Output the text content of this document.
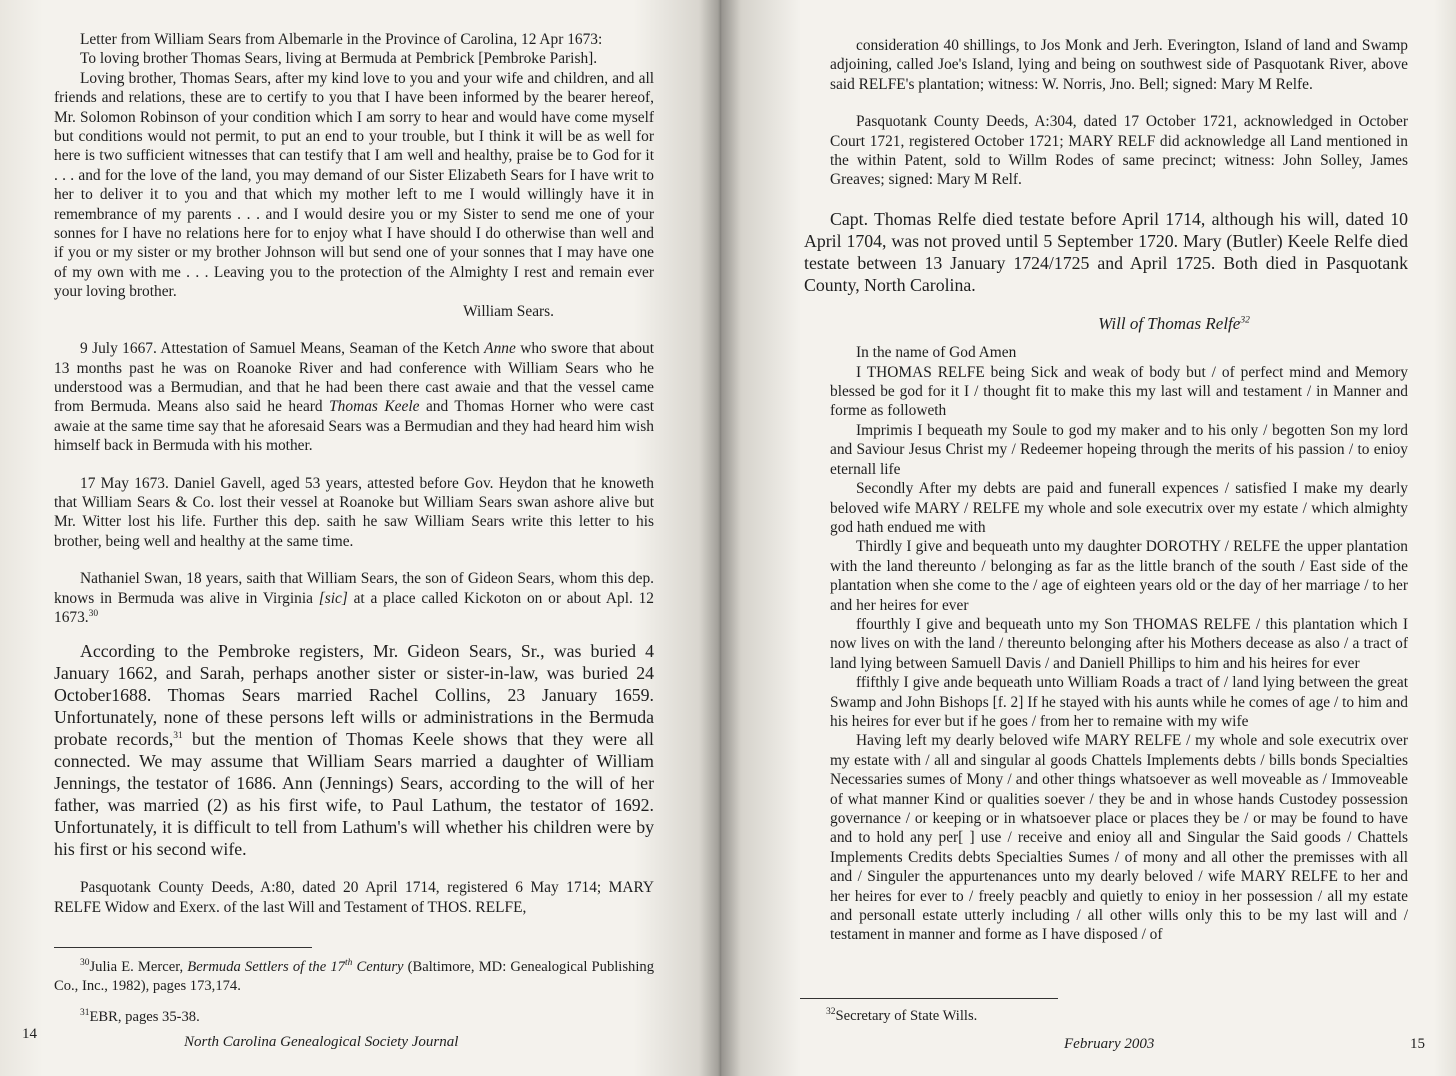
Letter from William Sears from Albemarle in the Province of Carolina, 12 Apr 1673:

To loving brother Thomas Sears, living at Bermuda at Pembrick [Pembroke Parish].

Loving brother, Thomas Sears, after my kind love to you and your wife and children, and all friends and relations, these are to certify to you that I have been informed by the bearer hereof, Mr. Solomon Robinson of your condition which I am sorry to hear and would have come myself but conditions would not permit, to put an end to your trouble, but I think it will be as well for here is two sufficient witnesses that can testify that I am well and healthy, praise be to God for it . . . and for the love of the land, you may demand of our Sister Elizabeth Sears for I have writ to her to deliver it to you and that which my mother left to me I would willingly have it in remembrance of my parents . . . and I would desire you or my Sister to send me one of your sonnes for I have no relations here for to enjoy what I have should I do otherwise than well and if you or my sister or my brother Johnson will but send one of your sonnes that I may have one of my own with me . . . Leaving you to the protection of the Almighty I rest and remain ever your loving brother.

William Sears.

9 July 1667. Attestation of Samuel Means, Seaman of the Ketch Anne who swore that about 13 months past he was on Roanoke River and had conference with William Sears who he understood was a Bermudian, and that he had been there cast awaie and that the vessel came from Bermuda. Means also said he heard Thomas Keele and Thomas Horner who were cast awaie at the same time say that he aforesaid Sears was a Bermudian and they had heard him wish himself back in Bermuda with his mother.

17 May 1673. Daniel Gavell, aged 53 years, attested before Gov. Heydon that he knoweth that William Sears & Co. lost their vessel at Roanoke but William Sears swan ashore alive but Mr. Witter lost his life. Further this dep. saith he saw William Sears write this letter to his brother, being well and healthy at the same time.

Nathaniel Swan, 18 years, saith that William Sears, the son of Gideon Sears, whom this dep. knows in Bermuda was alive in Virginia [sic] at a place called Kickoton on or about Apl. 12 1673.30

According to the Pembroke registers, Mr. Gideon Sears, Sr., was buried 4 January 1662, and Sarah, perhaps another sister or sister-in-law, was buried 24 October1688. Thomas Sears married Rachel Collins, 23 January 1659. Unfortunately, none of these persons left wills or administrations in the Bermuda probate records,$^{31}$ but the mention of Thomas Keele shows that they were all connected. We may assume that William Sears married a daughter of William Jennings, the testator of 1686. Ann (Jennings) Sears, according to the will of her father, was married (2) as his first wife, to Paul Lathum, the testator of 1692. Unfortunately, it is difficult to tell from Lathum's will whether his children were by his first or his second wife.

Pasquotank County Deeds, A:80, dated 20 April 1714, registered 6 May 1714; MARY RELFE Widow and Exerx. of the last Will and Testament of THOS. RELFE,

$^{30}$Julia E. Mercer, Bermuda Settlers of the 17th Century (Baltimore, MD: Genealogical Publishing Co., Inc., 1982), pages 173,174.

$^{31}$EBR, pages 35-38.

14	North Carolina Genealogical Society Journal

consideration 40 shillings, to Jos Monk and Jerh. Everington, Island of land and Swamp adjoining, called Joe's Island, lying and being on southwest side of Pasquotank River, above said RELFE's plantation; witness: W. Norris, Jno. Bell; signed: Mary M Relfe.

Pasquotank County Deeds, A:304, dated 17 October 1721, acknowledged in October Court 1721, registered October 1721; MARY RELF did acknowledge all Land mentioned in the within Patent, sold to Willm Rodes of same precinct; witness: John Solley, James Greaves; signed: Mary M Relf.

Capt. Thomas Relfe died testate before April 1714, although his will, dated 10 April 1704, was not proved until 5 September 1720. Mary (Butler) Keele Relfe died testate between 13 January 1724/1725 and April 1725. Both died in Pasquotank County, North Carolina.

Will of Thomas Relfe$^{32}$

In the name of God Amen

I THOMAS RELFE being Sick and weak of body but / of perfect mind and Memory blessed be god for it I / thought fit to make this my last will and testament / in Manner and forme as followeth

Imprimis I bequeath my Soule to god my maker and to his only / begotten Son my lord and Saviour Jesus Christ my / Redeemer hopeing through the merits of his passion / to enioy eternall life

Secondly After my debts are paid and funerall expences / satisfied I make my dearly beloved wife MARY / RELFE my whole and sole executrix over my estate / which almighty god hath endued me with

Thirdly I give and bequeath unto my daughter DOROTHY / RELFE the upper plantation with the land thereunto / belonging as far as the little branch of the south / East side of the plantation when she come to the / age of eighteen years old or the day of her marriage / to her and her heires for ever

ffourthly I give and bequeath unto my Son THOMAS RELFE / this plantation which I now lives on with the land / thereunto belonging after his Mothers decease as also / a tract of land lying between Samuell Davis / and Daniell Phillips to him and his heires for ever

ffifthly I give ande bequeath unto William Roads a tract of / land lying between the great Swamp and John Bishops [f. 2] If he stayed with his aunts while he comes of age / to him and his heires for ever but if he goes / from her to remaine with my wife

Having left my dearly beloved wife MARY RELFE / my whole and sole executrix over my estate with / all and singular al goods Chattels Implements debts / bills bonds Specialties Necessaries sumes of Mony / and other things whatsoever as well moveable as / Immoveable of what manner Kind or qualities soever / they be and in whose hands Custodey possession governance / or keeping or in whatsoever place or places they be / or may be found to have and to hold any per[ ] use / receive and enioy all and Singular the Said goods / Chattels Implements Credits debts Specialties Sumes / of mony and all other the premisses with all and / Singuler the appurtenances unto my dearly beloved / wife MARY RELFE to her and her heires for ever to / freely peacbly and quietly to enioy in her possession / all my estate and personall estate utterly including / all other wills only this to be my last will and / testament in manner and forme as I have disposed / of

$^{32}$Secretary of State Wills.
February 2003	15
